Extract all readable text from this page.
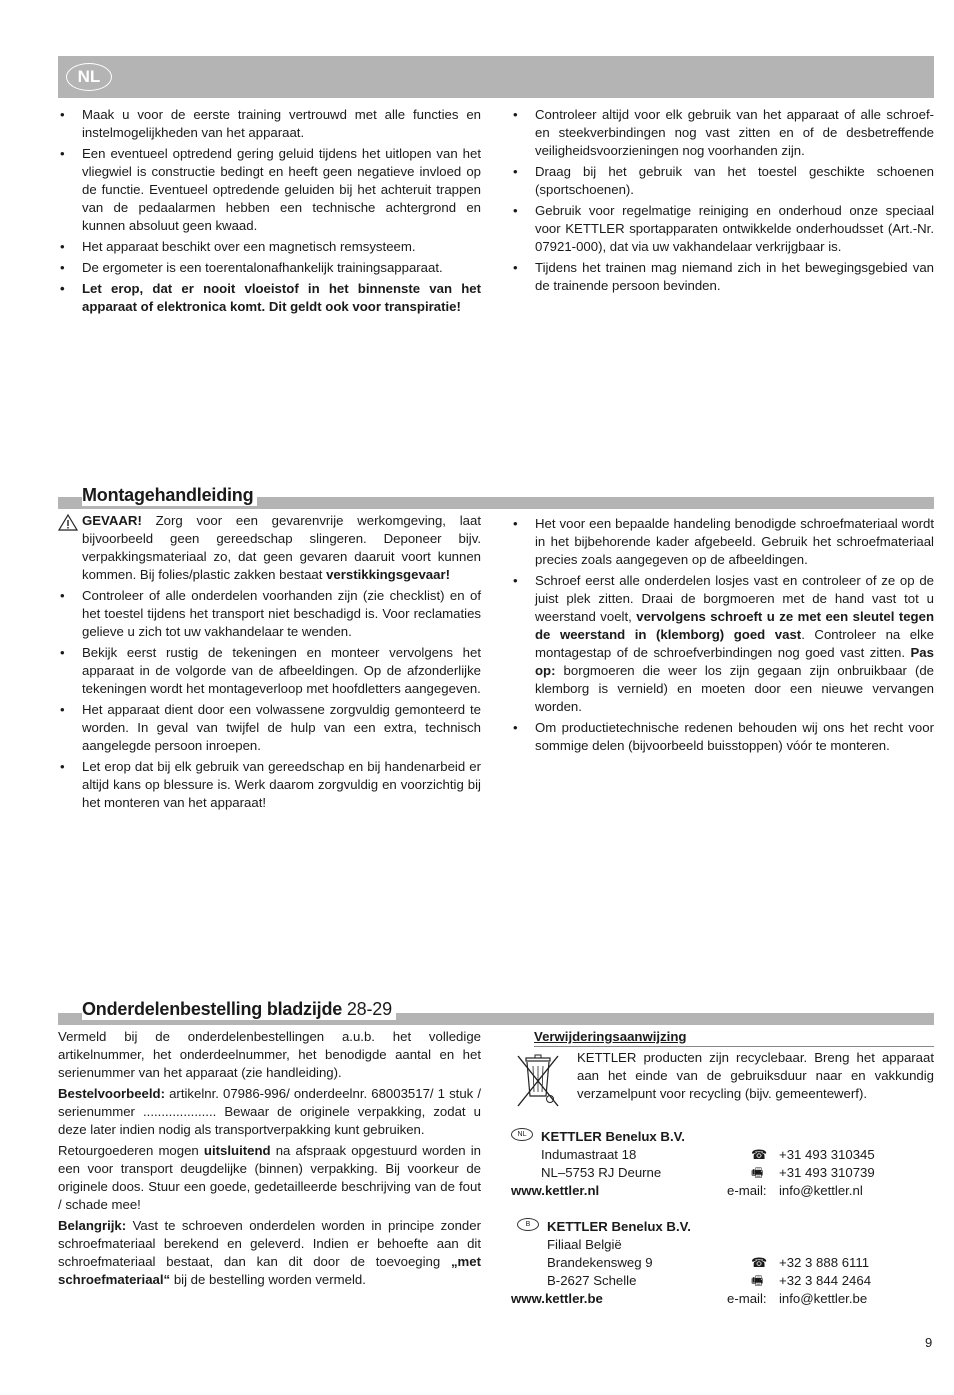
NL
• Maak u voor de eerste training vertrouwd met alle functies en instelmogelijkheden van het apparaat.
• Een eventueel optredend gering geluid tijdens het uitlopen van het vliegwiel is constructie bedingt en heeft geen negatieve invloed op de functie. Eventueel optredende geluiden bij het achteruit trappen van de pedaalarmen hebben een technische achtergrond en kunnen absoluut geen kwaad.
• Het apparaat beschikt over een magnetisch remsysteem.
• De ergometer is een toerentalonafhankelijk trainingsapparaat.
• Let erop, dat er nooit vloeistof in het binnenste van het apparaat of elektronica komt. Dit geldt ook voor transpiratie!
• Controleer altijd voor elk gebruik van het apparaat of alle schroef- en steekverbindingen nog vast zitten en of de desbetreffende veiligheidsvoorzieningen nog voorhanden zijn.
• Draag bij het gebruik van het toestel geschikte schoenen (sportschoenen).
• Gebruik voor regelmatige reiniging en onderhoud onze speciaal voor KETTLER sportapparaten ontwikkelde onderhoudsset (Art.-Nr. 07921-000), dat via uw vakhandelaar verkrijgbaar is.
• Tijdens het trainen mag niemand zich in het bewegingsgebied van de trainende persoon bevinden.
Montagehandleiding
GEVAAR! Zorg voor een gevarenvrije werkomgeving, laat bijvoorbeeld geen gereedschap slingeren. Deponeer bijv. verpakkingsmateriaal zo, dat geen gevaren daaruit voort kunnen kommen. Bij folies/plastic zakken bestaat verstikkingsgevaar!
• Controleer of alle onderdelen voorhanden zijn (zie checklist) en of het toestel tijdens het transport niet beschadigd is. Voor reclamaties gelieve u zich tot uw vakhandelaar te wenden.
• Bekijk eerst rustig de tekeningen en monteer vervolgens het apparaat in de volgorde van de afbeeldingen. Op de afzonderlijke tekeningen wordt het montageverloop met hoofdletters aangegeven.
• Het apparaat dient door een volwassene zorgvuldig gemonteerd te worden. In geval van twijfel de hulp van een extra, technisch aangelegde persoon inroepen.
• Let erop dat bij elk gebruik van gereedschap en bij handenarbeid er altijd kans op blessure is. Werk daarom zorgvuldig en voorzichtig bij het monteren van het apparaat!
• Het voor een bepaalde handeling benodigde schroefmateriaal wordt in het bijbehorende kader afgebeeld. Gebruik het schroefmateriaal precies zoals aangegeven op de afbeeldingen.
• Schroef eerst alle onderdelen losjes vast en controleer of ze op de juist plek zitten. Draai de borgmoeren met de hand vast tot u weerstand voelt, vervolgens schroeft u ze met een sleutel tegen de weerstand in (klemborg) goed vast. Controleer na elke montagestap of de schroefverbindingen nog goed vast zitten. Pas op: borgmoeren die weer los zijn gegaan zijn onbruikbaar (de klemborg is vernield) en moeten door een nieuwe vervangen worden.
• Om productietechnische redenen behouden wij ons het recht voor sommige delen (bijvoorbeeld buisstoppen) vóór te monteren.
Onderdelenbestelling bladzijde 28-29

Vermeld bij de onderdelenbestellingen a.u.b. het volledige artikelnummer, het onderdeelnummer, het benodigde aantal en het serienummer van het apparaat (zie handleiding).

Bestelvoorbeeld: artikelnr. 07986-996/ onderdeelnr. 68003517/ 1 stuk / serienummer .................... Bewaar de originele verpakking, zodat u deze later indien nodig als transportverpakking kunt gebruiken.

Retourgoederen mogen uitsluitend na afspraak opgestuurd worden in een voor transport deugdelijke (binnen) verpakking. Bij voorkeur de originele doos. Stuur een goede, gedetailleerde beschrijving van de fout / schade mee!

Belangrijk: Vast te schroeven onderdelen worden in principe zonder schroefmateriaal berekend en geleverd. Indien er behoefte aan dit schroefmateriaal bestaat, dan kan dit door de toevoeging „met schroefmateriaal“ bij de bestelling worden vermeld.

Verwijderingsaanwijzing
KETTLER producten zijn recyclebaar. Breng het apparaat aan het einde van de gebruiksduur naar en vakkundig verzamelpunt voor recycling (bijv. gemeentewerf).
NL	KETTLER Benelux B.V.
Indumastraat 18	☎ +31 493 310345
NL–5753 RJ Deurne	🖷 +31 493 310739
www.kettler.nl	e-mail: info@kettler.nl
B	KETTLER Benelux B.V.
Filiaal België
Brandekensweg 9	☎ +32 3 888 6111
B-2627 Schelle	🖷 +32 3 844 2464
www.kettler.be	e-mail: info@kettler.be
9
